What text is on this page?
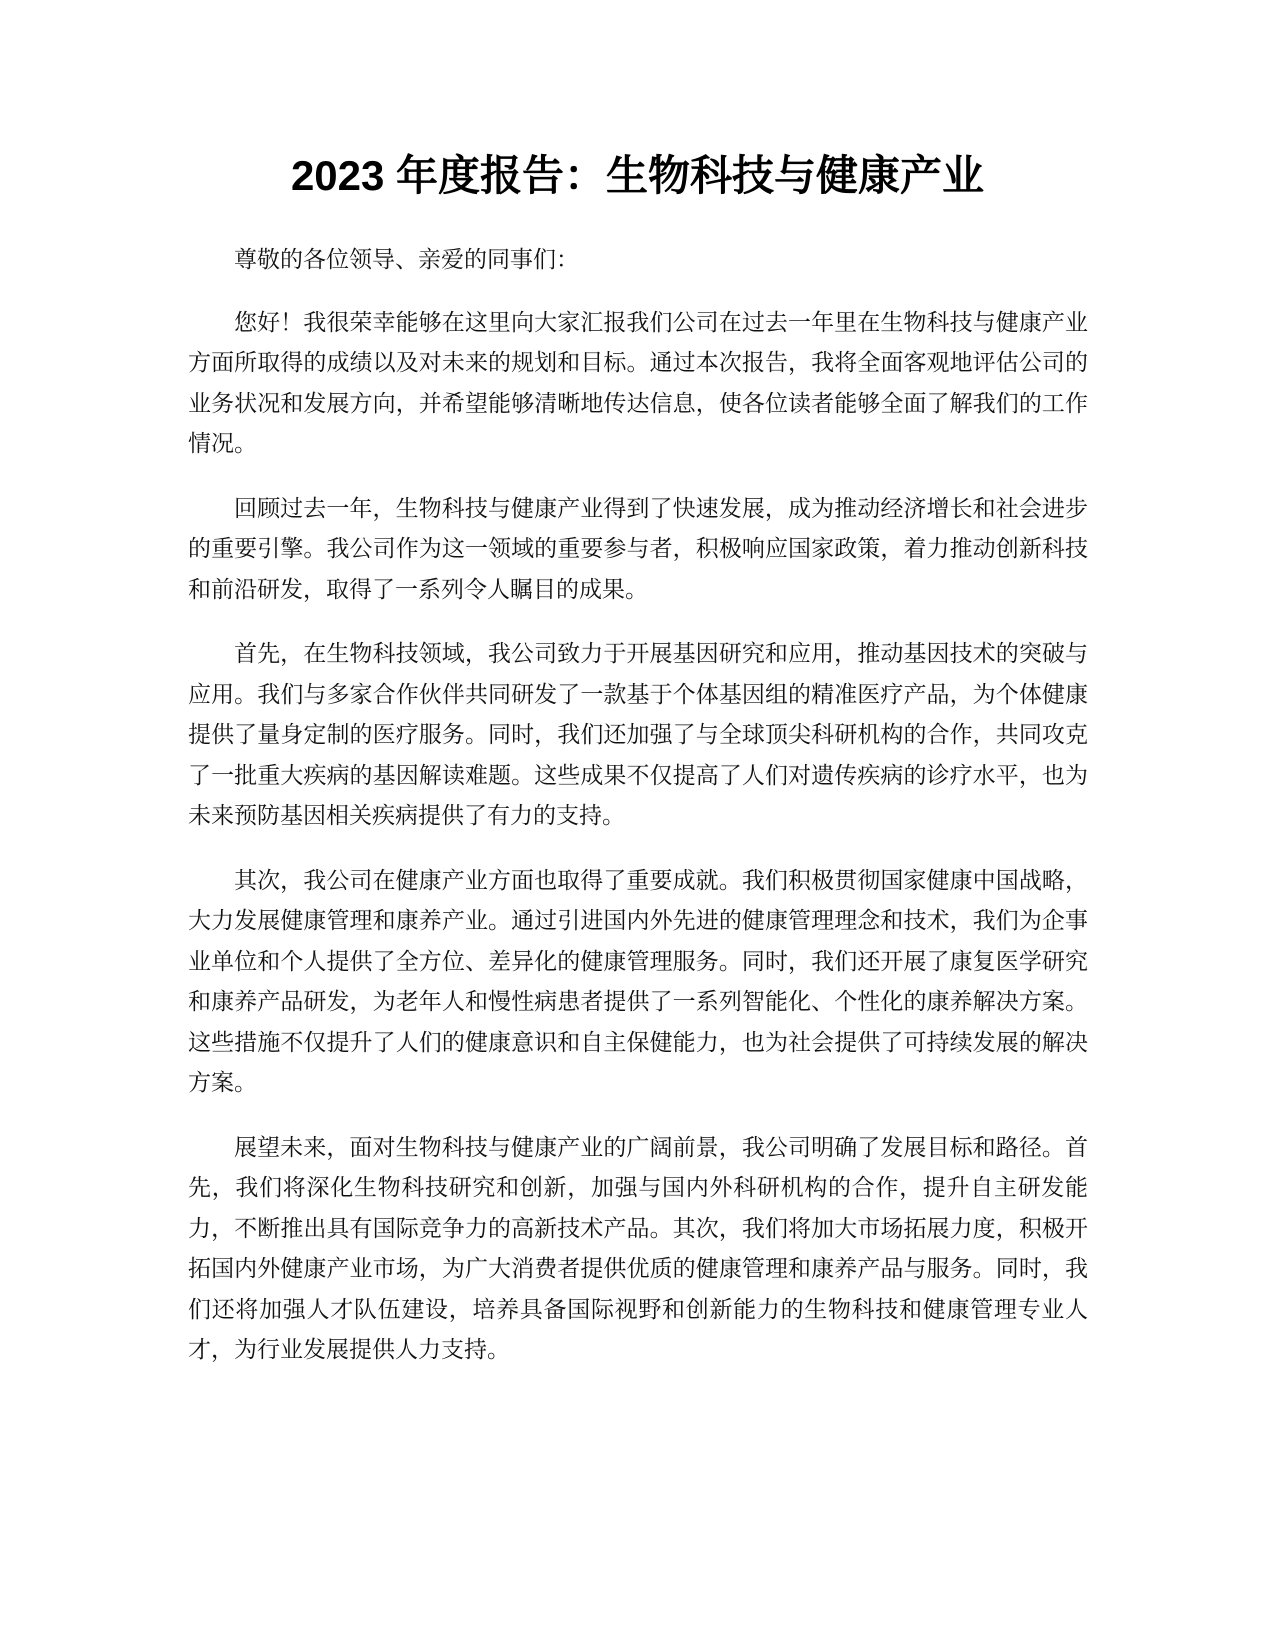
2023 年度报告：生物科技与健康产业

尊敬的各位领导、亲爱的同事们：

您好！我很荣幸能够在这里向大家汇报我们公司在过去一年里在生物科技与健康产业方面所取得的成绩以及对未来的规划和目标。通过本次报告，我将全面客观地评估公司的业务状况和发展方向，并希望能够清晰地传达信息，使各位读者能够全面了解我们的工作情况。

回顾过去一年，生物科技与健康产业得到了快速发展，成为推动经济增长和社会进步的重要引擎。我公司作为这一领域的重要参与者，积极响应国家政策，着力推动创新科技和前沿研发，取得了一系列令人瞩目的成果。

首先，在生物科技领域，我公司致力于开展基因研究和应用，推动基因技术的突破与应用。我们与多家合作伙伴共同研发了一款基于个体基因组的精准医疗产品，为个体健康提供了量身定制的医疗服务。同时，我们还加强了与全球顶尖科研机构的合作，共同攻克了一批重大疾病的基因解读难题。这些成果不仅提高了人们对遗传疾病的诊疗水平，也为未来预防基因相关疾病提供了有力的支持。

其次，我公司在健康产业方面也取得了重要成就。我们积极贯彻国家健康中国战略，大力发展健康管理和康养产业。通过引进国内外先进的健康管理理念和技术，我们为企事业单位和个人提供了全方位、差异化的健康管理服务。同时，我们还开展了康复医学研究和康养产品研发，为老年人和慢性病患者提供了一系列智能化、个性化的康养解决方案。这些措施不仅提升了人们的健康意识和自主保健能力，也为社会提供了可持续发展的解决方案。

展望未来，面对生物科技与健康产业的广阔前景，我公司明确了发展目标和路径。首先，我们将深化生物科技研究和创新，加强与国内外科研机构的合作，提升自主研发能力，不断推出具有国际竞争力的高新技术产品。其次，我们将加大市场拓展力度，积极开拓国内外健康产业市场，为广大消费者提供优质的健康管理和康养产品与服务。同时，我们还将加强人才队伍建设，培养具备国际视野和创新能力的生物科技和健康管理专业人才，为行业发展提供人力支持。
